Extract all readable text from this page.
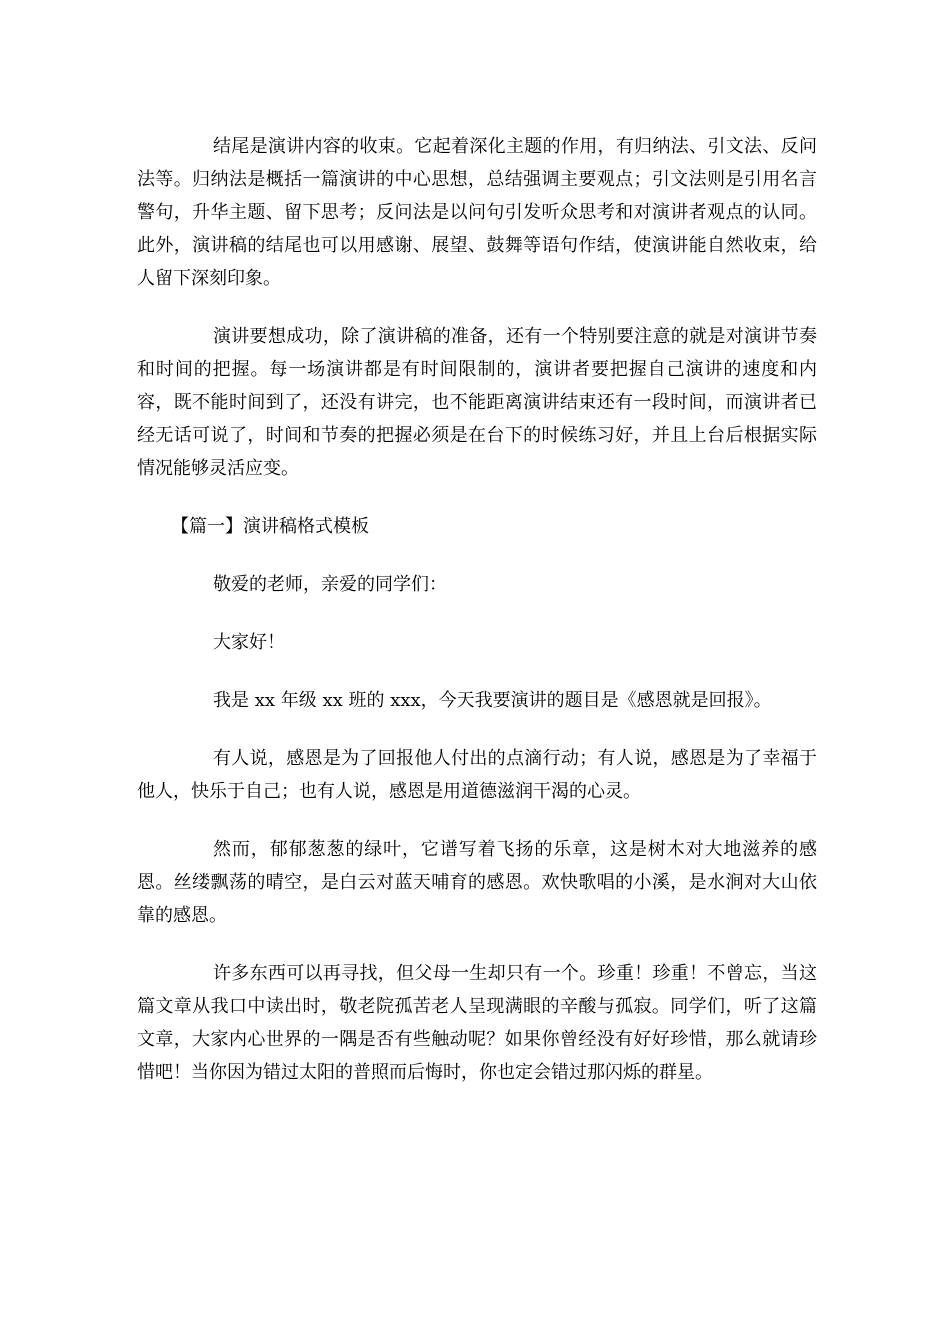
结尾是演讲内容的收束。它起着深化主题的作用，有归纳法、引文法、反问法等。归纳法是概括一篇演讲的中心思想，总结强调主要观点；引文法则是引用名言警句，升华主题、留下思考；反问法是以问句引发听众思考和对演讲者观点的认同。此外，演讲稿的结尾也可以用感谢、展望、鼓舞等语句作结，使演讲能自然收束，给人留下深刻印象。

演讲要想成功，除了演讲稿的准备，还有一个特别要注意的就是对演讲节奏和时间的把握。每一场演讲都是有时间限制的，演讲者要把握自己演讲的速度和内容，既不能时间到了，还没有讲完，也不能距离演讲结束还有一段时间，而演讲者已经无话可说了，时间和节奏的把握必须是在台下的时候练习好，并且上台后根据实际情况能够灵活应变。

【篇一】演讲稿格式模板

敬爱的老师，亲爱的同学们：

大家好！

我是 xx 年级 xx 班的 xxx，今天我要演讲的题目是《感恩就是回报》。

有人说，感恩是为了回报他人付出的点滴行动；有人说，感恩是为了幸福于他人，快乐于自己；也有人说，感恩是用道德滋润干渴的心灵。

然而，郁郁葱葱的绿叶，它谱写着飞扬的乐章，这是树木对大地滋养的感恩。丝缕飘荡的晴空，是白云对蓝天哺育的感恩。欢快歌唱的小溪，是水涧对大山依靠的感恩。

许多东西可以再寻找，但父母一生却只有一个。珍重！珍重！不曾忘，当这篇文章从我口中读出时，敬老院孤苦老人呈现满眼的辛酸与孤寂。同学们，听了这篇文章，大家内心世界的一隅是否有些触动呢？如果你曾经没有好好珍惜，那么就请珍惜吧！当你因为错过太阳的普照而后悔时，你也定会错过那闪烁的群星。
